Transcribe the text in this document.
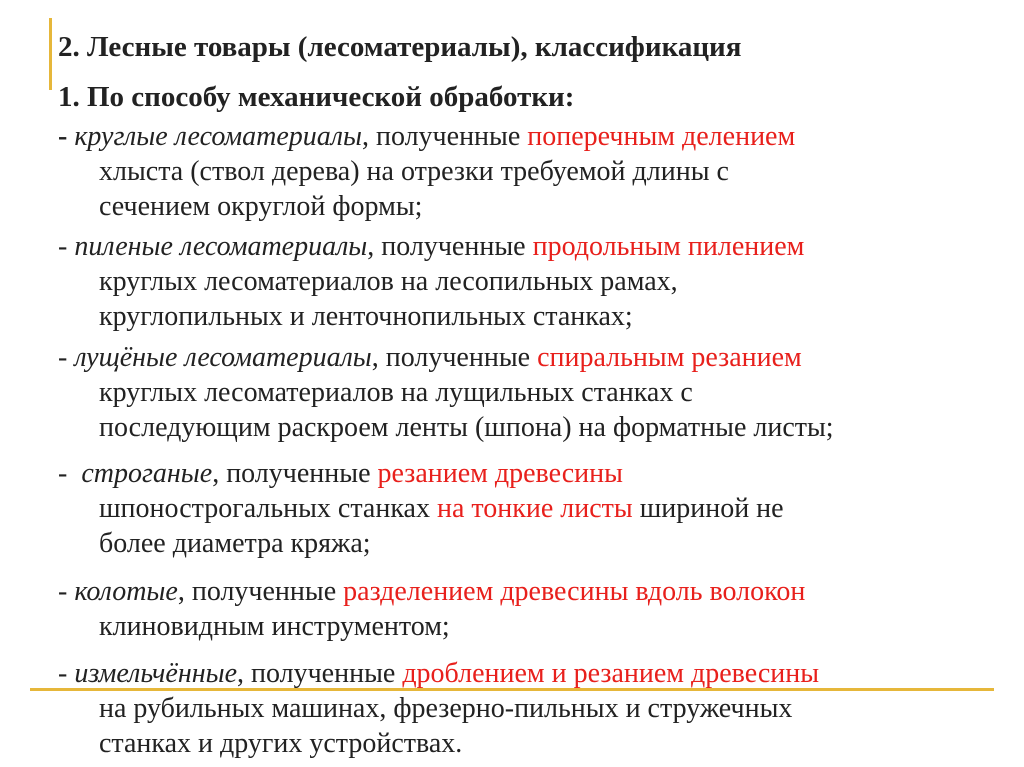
2. Лесные товары (лесоматериалы), классификация
1. По способу механической обработки:
- круглые лесоматериалы, полученные поперечным делением
хлыста (ствол дерева) на отрезки требуемой длины с
сечением округлой формы;
- пиленые лесоматериалы, полученные продольным пилением
круглых лесоматериалов на лесопильных рамах,
круглопильных и ленточнопильных станках;
- лущёные лесоматериалы, полученные спиральным резанием
круглых лесоматериалов на лущильных станках с
последующим раскроем ленты (шпона) на форматные листы;
-  строганые, полученные резанием древесины
шпонострогальных станках на тонкие листы шириной не
более диаметра кряжа;
- колотые, полученные разделением древесины вдоль волокон
клиновидным инструментом;
- измельчённые, полученные дроблением и резанием древесины
на рубильных машинах, фрезерно-пильных и стружечных
станках и других устройствах.
